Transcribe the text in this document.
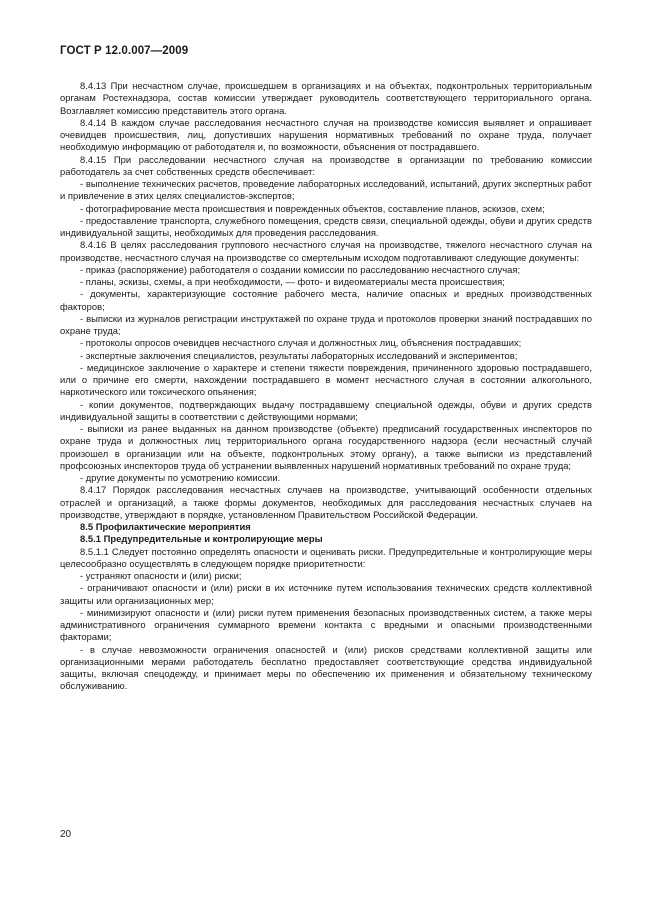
ГОСТ Р 12.0.007—2009

8.4.13 При несчастном случае, происшедшем в организациях и на объектах, подконтрольных территориальным органам Ростехнадзора, состав комиссии утверждает руководитель соответствующего территориального органа. Возглавляет комиссию представитель этого органа.

8.4.14 В каждом случае расследования несчастного случая на производстве комиссия выявляет и опрашивает очевидцев происшествия, лиц, допустивших нарушения нормативных требований по охране труда, получает необходимую информацию от работодателя и, по возможности, объяснения от пострадавшего.

8.4.15 При расследовании несчастного случая на производстве в организации по требованию комиссии работодатель за счет собственных средств обеспечивает:

- выполнение технических расчетов, проведение лабораторных исследований, испытаний, других экспертных работ и привлечение в этих целях специалистов-экспертов;

- фотографирование места происшествия и поврежденных объектов, составление планов, эскизов, схем;

- предоставление транспорта, служебного помещения, средств связи, специальной одежды, обуви и других средств индивидуальной защиты, необходимых для проведения расследования.

8.4.16 В целях расследования группового несчастного случая на производстве, тяжелого несчастного случая на производстве, несчастного случая на производстве со смертельным исходом подготавливают следующие документы:

- приказ (распоряжение) работодателя о создании комиссии по расследованию несчастного случая;

- планы, эскизы, схемы, а при необходимости, — фото- и видеоматериалы места происшествия;

- документы, характеризующие состояние рабочего места, наличие опасных и вредных производственных факторов;

- выписки из журналов регистрации инструктажей по охране труда и протоколов проверки знаний пострадавших по охране труда;

- протоколы опросов очевидцев несчастного случая и должностных лиц, объяснения пострадавших;

- экспертные заключения специалистов, результаты лабораторных исследований и экспериментов;

- медицинское заключение о характере и степени тяжести повреждения, причиненного здоровью пострадавшего, или о причине его смерти, нахождении пострадавшего в момент несчастного случая в состоянии алкогольного, наркотического или токсического опьянения;

- копии документов, подтверждающих выдачу пострадавшему специальной одежды, обуви и других средств индивидуальной защиты в соответствии с действующими нормами;

- выписки из ранее выданных на данном производстве (объекте) предписаний государственных инспекторов по охране труда и должностных лиц территориального органа государственного надзора (если несчастный случай произошел в организации или на объекте, подконтрольных этому органу), а также выписки из представлений профсоюзных инспекторов труда об устранении выявленных нарушений нормативных требований по охране труда;

- другие документы по усмотрению комиссии.

8.4.17 Порядок расследования несчастных случаев на производстве, учитывающий особенности отдельных отраслей и организаций, а также формы документов, необходимых для расследования несчастных случаев на производстве, утверждают в порядке, установленном Правительством Российской Федерации.

8.5 Профилактические мероприятия

8.5.1 Предупредительные и контролирующие меры

8.5.1.1 Следует постоянно определять опасности и оценивать риски. Предупредительные и контролирующие меры целесообразно осуществлять в следующем порядке приоритетности:

- устраняют опасности и (или) риски;

- ограничивают опасности и (или) риски в их источнике путем использования технических средств коллективной защиты или организационных мер;

- минимизируют опасности и (или) риски путем применения безопасных производственных систем, а также меры административного ограничения суммарного времени контакта с вредными и опасными производственными факторами;

- в случае невозможности ограничения опасностей и (или) рисков средствами коллективной защиты или организационными мерами работодатель бесплатно предоставляет соответствующие средства индивидуальной защиты, включая спецодежду, и принимает меры по обеспечению их применения и обязательному техническому обслуживанию.

20
